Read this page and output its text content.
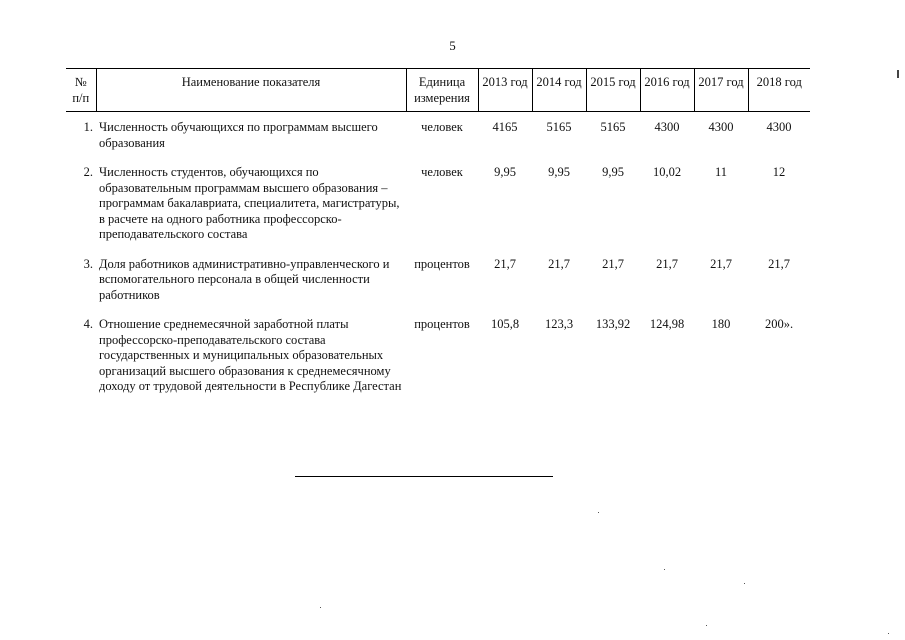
5
№ п/п	Наименование показателя	Единица измерения	2013 год	2014 год	2015 год	2016 год	2017 год	2018 год
1.	Численность обучающихся по программам высшего образования	человек	4165	5165	5165	4300	4300	4300
2.	Численность студентов, обучающихся по образовательным программам высшего образования – программам бакалавриата, специалитета, магистратуры, в расчете на одного работника профессорско-преподавательского состава	человек	9,95	9,95	9,95	10,02	11	12
3.	Доля работников административно-управленческого и вспомогательного персонала в общей численности работников	процентов	21,7	21,7	21,7	21,7	21,7	21,7
4.	Отношение среднемесячной заработной платы профессорско-преподавательского состава государственных и муниципальных образовательных организаций высшего образования к среднемесячному доходу от трудовой деятельности в Республике Дагестан	процентов	105,8	123,3	133,92	124,98	180	200».
